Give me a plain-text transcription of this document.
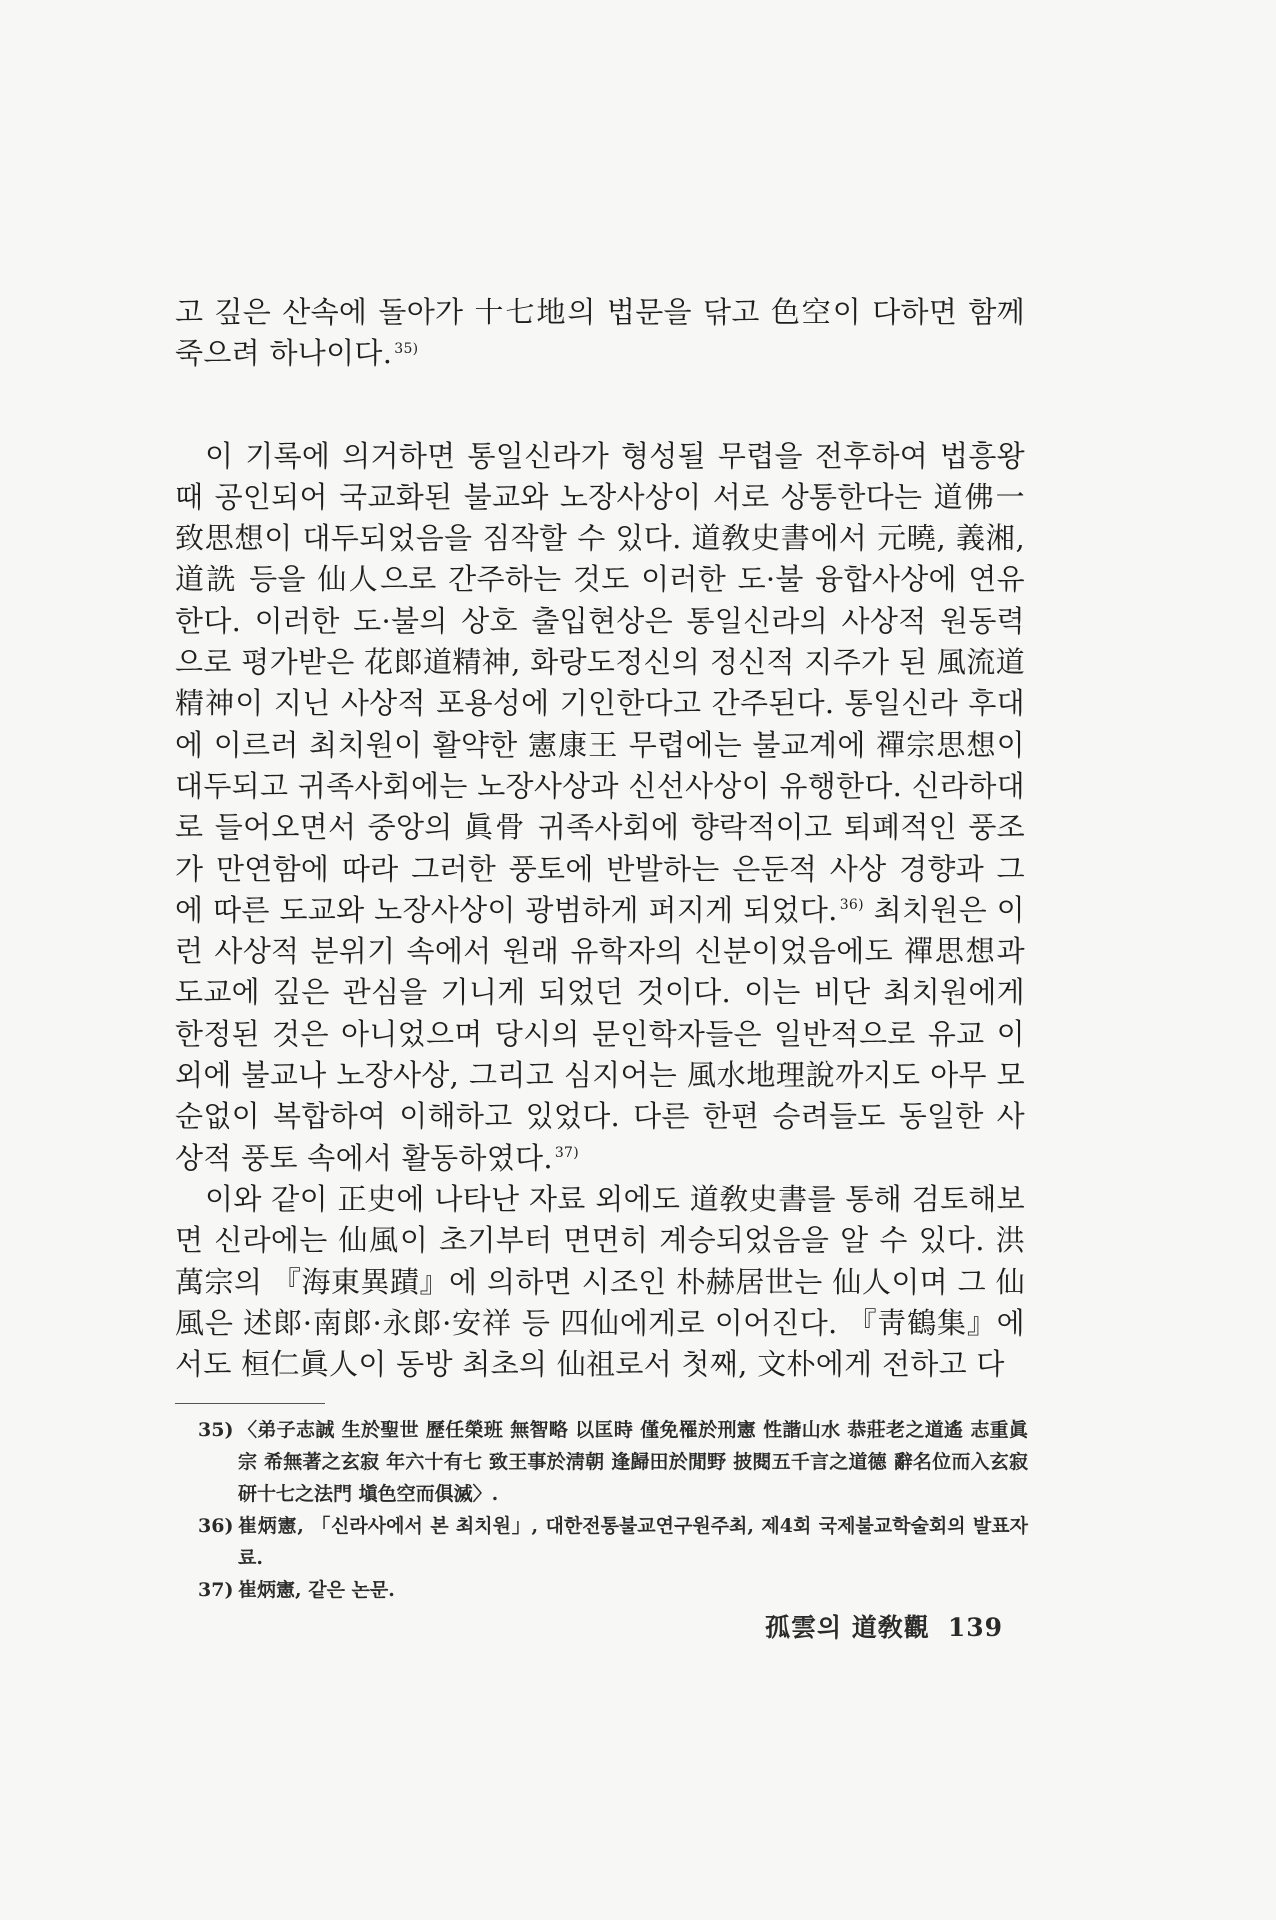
고 깊은 산속에 돌아가 十七地의 법문을 닦고 色空이 다하면 함께 죽으려 하나이다. $^{35)}$

이 기록에 의거하면 통일신라가 형성될 무렵을 전후하여 법흥왕 때 공인되어 국교화된 불교와 노장사상이 서로 상통한다는 道佛一致思想이 대두되었음을 짐작할 수 있다. 道敎史書에서 元曉, 義湘, 道詵 등을 仙人으로 간주하는 것도 이러한 도·불 융합사상에 연유한다. 이러한 도·불의 상호 출입현상은 통일신라의 사상적 원동력으로 평가받은 花郞道精神, 화랑도정신의 정신적 지주가 된 風流道精神이 지닌 사상적 포용성에 기인한다고 간주된다. 통일신라 후대에 이르러 최치원이 활약한 憲康王 무렵에는 불교계에 禪宗思想이 대두되고 귀족사회에는 노장사상과 신선사상이 유행한다. 신라하대로 들어오면서 중앙의 眞骨 귀족사회에 향락적이고 퇴폐적인 풍조가 만연함에 따라 그러한 풍토에 반발하는 은둔적 사상 경향과 그에 따른 도교와 노장사상이 광범하게 퍼지게 되었다. $^{36)}$ 최치원은 이런 사상적 분위기 속에서 원래 유학자의 신분이었음에도 禪思想과 도교에 깊은 관심을 기니게 되었던 것이다. 이는 비단 최치원에게 한정된 것은 아니었으며 당시의 문인학자들은 일반적으로 유교 이외에 불교나 노장사상, 그리고 심지어는 風水地理說까지도 아무 모순없이 복합하여 이해하고 있었다. 다른 한편 승려들도 동일한 사상적 풍토 속에서 활동하였다. $^{37)}$

이와 같이 正史에 나타난 자료 외에도 道敎史書를 통해 검토해보면 신라에는 仙風이 초기부터 면면히 계승되었음을 알 수 있다. 洪萬宗의 『海東異蹟』에 의하면 시조인 朴赫居世는 仙人이며 그 仙風은 述郞·南郞·永郞·安祥 등 四仙에게로 이어진다. 『靑鶴集』에서도 桓仁眞人이 동방 최초의 仙祖로서 첫째, 文朴에게 전하고 다

35) 〈弟子志誠 生於聖世 歷任榮班 無智略 以匡時 僅免罹於刑憲 性諧山水 恭莊老之道遙 志重眞宗 希無著之玄寂 年六十有七 致王事於淸朝 逢歸田於閒野 披閱五千言之道德 辭名位而入玄寂 研十七之法門 塡色空而俱滅〉.
36) 崔炳憲, 「신라사에서 본 최치원」, 대한전통불교연구원주최, 제4회 국제불교학술회의 발표자료.
37) 崔炳憲, 같은 논문.
孤雲의 道敎觀 139
